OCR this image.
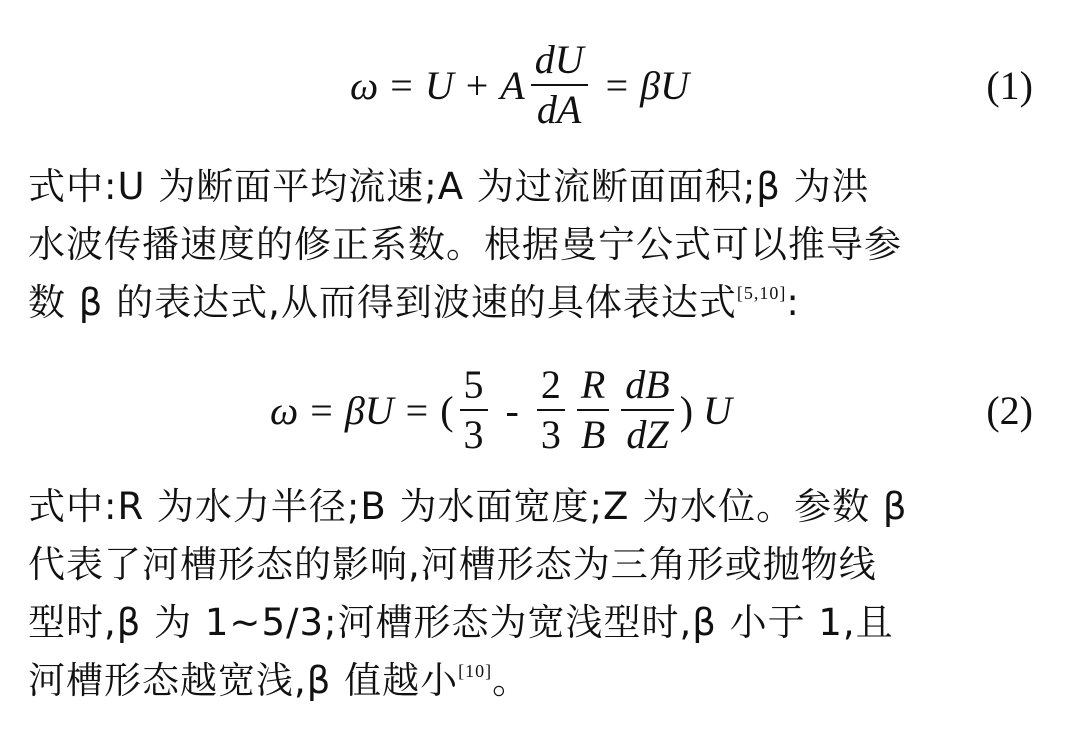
ω = U + A $\frac{dU}{dA} = \beta U$	(1)
式中:U 为断面平均流速;A 为过流断面面积;β 为洪
水波传播速度的修正系数。根据曼宁公式可以推导参
数 β 的表达式,从而得到波速的具体表达式[5,10]:
ω = βU = ( $\frac{5}{3} - \frac{2}{3} \frac{R}{B} \frac{dB}{dZ}$ ) U	(2)
式中:R 为水力半径;B 为水面宽度;Z 为水位。参数 β
代表了河槽形态的影响,河槽形态为三角形或抛物线
型时,β 为 1~5/3;河槽形态为宽浅型时,β 小于 1,且
河槽形态越宽浅,β 值越小[10]。
